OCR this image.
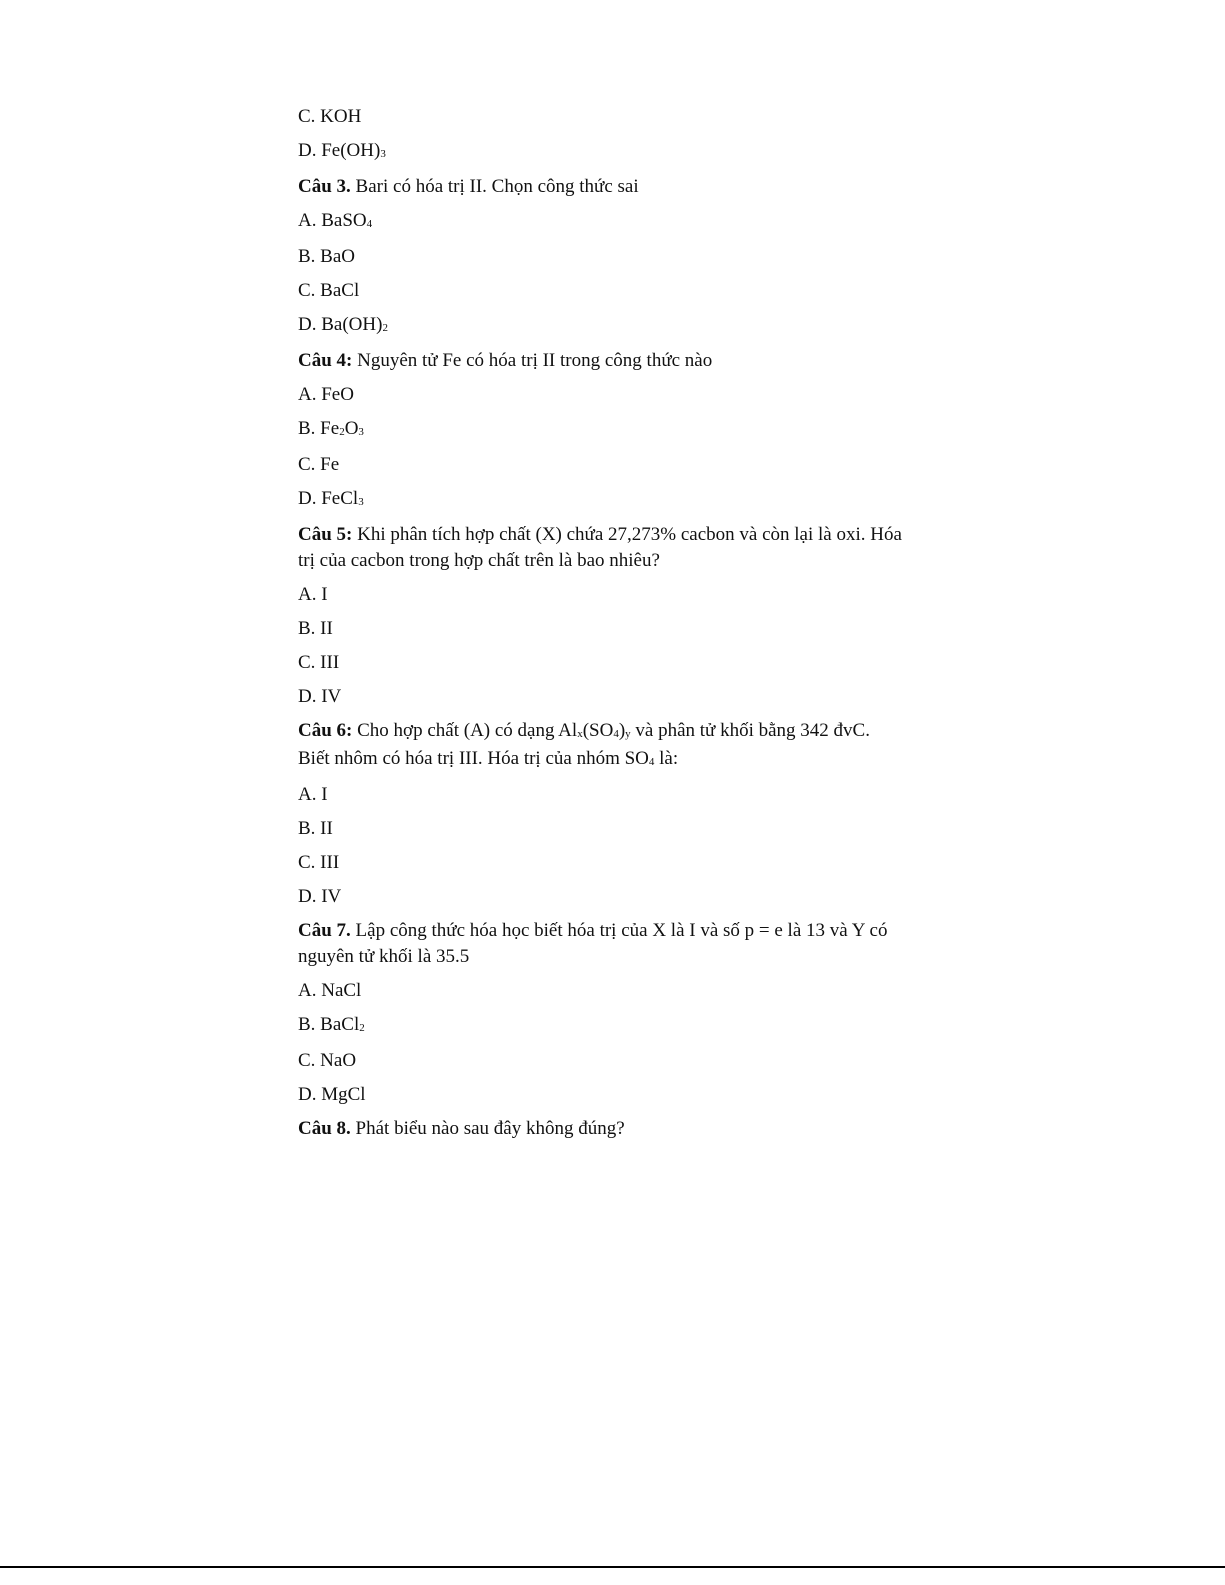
C. KOH
D. $Fe(OH)_3$
Câu 3. Bari có hóa trị II. Chọn công thức sai
A. BaSO$_4$
B. BaO
C. BaCl
D. $Ba(OH)_2$
Câu 4: Nguyên tử Fe có hóa trị II trong công thức nào
A. FeO
B. $Fe_2O_3$
C. Fe
D. FeCl$_3$
Câu 5: Khi phân tích hợp chất (X) chứa 27,273% cacbon và còn lại là oxi. Hóa
trị của cacbon trong hợp chất trên là bao nhiêu?
A. I
B. II
C. III
D. IV
Câu 6: Cho hợp chất (A) có dạng $Al_x(SO_4)_y$ và phân tử khối bằng 342 đvC.
Biết nhôm có hóa trị III. Hóa trị của nhóm $SO_4$ là:
A. I
B. II
C. III
D. IV
Câu 7. Lập công thức hóa học biết hóa trị của X là I và số p = e là 13 và Y có
nguyên tử khối là 35.5
A. NaCl
B. BaCl$_2$
C. NaO
D. MgCl
Câu 8. Phát biểu nào sau đây không đúng?
